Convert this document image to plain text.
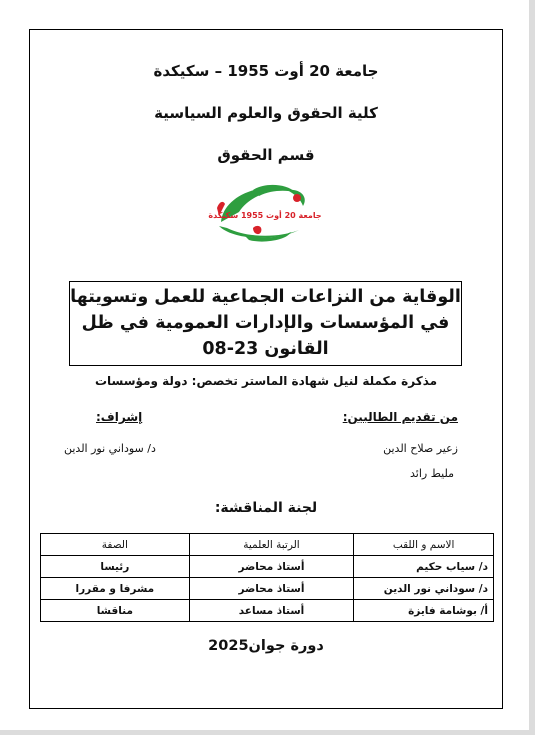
جامعة 20 أوت 1955 – سكيكدة
كلية الحقوق والعلوم السياسية
قسم الحقوق
جامعة 20 أوت 1955 سكيكدة
الوقاية من النزاعات الجماعية للعمل وتسويتها
في المؤسسات والإدارات العمومية في ظل
القانون 23-08
مذكرة مكملة لنيل شهادة الماستر تخصص: دولة ومؤسسات
من تقديم الطالبين:
إشراف:
زعير صلاح الدين
مليط رائد
د/ سوداني نور الدين
لجنة المناقشة:
الاسم و اللقب	الرتبة العلمية	الصفة
د/ سياب حكيم	أستاذ محاضر	رئيسا
د/ سوداني نور الدين	أستاذ محاضر	مشرفا و مقررا
أ/ بوشامة فايزة	أستاذ مساعد	مناقشا
دورة جوان2025
